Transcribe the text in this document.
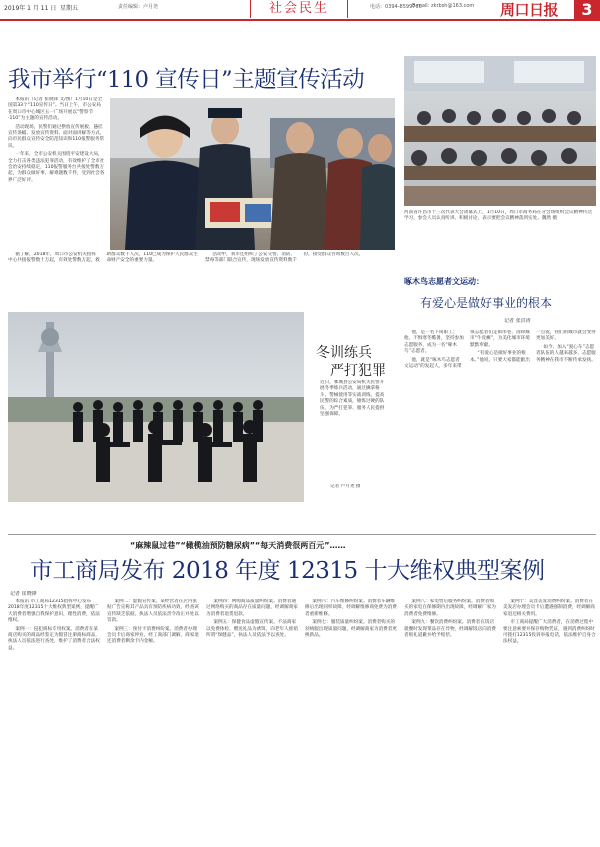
2019年 1 月 11 日 星期五	责任编辑：卢月尧	社会民生	电话：0394-8599766
E-mail: zkrbsh@163.com 周口日报	3
我市举行“110 宣传日”主题宣传活动

本报讯（记者 崔晓锋 文/图）1月10日是全国第33个“110宣传日”。当日上午，市公安局在周口市中心城区五一广场开展以“警察节·110”为主题的宣传活动。

活动现场，民警们通过摆放宣传展板、悬挂宣传条幅、发放宣传资料、面对面讲解等方式，向市民群众宣传安全防范知识和110报警服务常识。

一年来，全市公安机关围绕平安建设大局，全力打击各类违法犯罪活动，有效维护了全市社会治安持续稳定，110报警服务台共接处警数万起，为群众做好事、解难题数千件，受到社会各界广泛好评。

据了解，2018年，周口市公安机关指挥中心共接报警数十万起，有效处警数万起，救助群众数千人次，110已成为保护人民群众生命财产安全的重要力量。

活动中，我市还组织了公安交警、消防、禁毒等部门联合宣传，现场发放宣传资料数千份，接受群众咨询数百人次。

河南省许昌市十三次代表大会闭幕式上，1月10日，周口市商务局在分会场组织会议精神传达学习，参会人员认真听讲、积极讨论，表示要把会议精神落到实处。魏然 摄
冬训练兵
严打犯罪
近日，郸城县公安局机关民警开展冬季练兵活动，通过擒拿格斗、警械使用等实战训练，提高民警的综合素质，锤炼过硬的队伍，为严打犯罪、服务人民提供坚强保障。
记者 卢月尧 摄
啄木鸟志愿者文运动：
有爱心是做好事业的根本
记者 张洪涛

他，是一名下岗职工；他，不惧寒冬酷暑，坚持参加志愿服务，成为一名“啄木鸟”志愿者。

他，就是“啄木鸟志愿者文运动”的发起人，多年来带领志愿者们走街串巷，清除城市“牛皮癣”，为美化城市环境默默奉献。

“有爱心是做好事业的根本。”他说，只要大家都能献出一点爱，我们的城市就会变得更加美好。

如今，加入“爱心车”志愿者队伍的人越来越多，志愿服务精神在我市不断传承发扬。

“麻辣鼠过巷”“橄榄油预防糖尿病”“每天消费很两百元”……
市工商局发布 2018 年度 12315 十大维权典型案例
记者 崔晓锋

本报讯 市工商局12315指挥中心发布2018年度12315十大维权典型案例，提醒广大消费者增强自我保护意识，理性消费，依法维权。

案例一：侵犯商标专用权案。消费者在某商店购买的商品经鉴定为假冒注册商标商品，执法人员依法进行查处，维护了消费者合法权益。

案例二：虚假宣传案。某经营者在店内张贴广告宣称其产品具有预防疾病功效，经查该宣传缺乏依据，执法人员依法责令改正并处以罚款。

案例三：预付卡消费纠纷案。消费者办理会员卡后商家停业，经工商部门调解，商家退还消费者剩余卡内金额。

案例四：网购商品质量纠纷案。消费者通过网络购买的商品存在质量问题，经调解商家为消费者退货退款。

案例五：保健食品虚假宣传案。不法商家以免费体检、赠送礼品为诱饵，向老年人推销所谓“保健品”，执法人员依法予以查处。

案例六：汽车维修纠纷案。消费者车辆维修后出现同样故障，经调解维修商免费为消费者重新维修。

案例七：服装质量纠纷案。消费者购买的羽绒服出现质量问题，经调解商家为消费者更换新品。

案例八：家电售后服务纠纷案。消费者购买的家电在保修期内出现故障，经调解厂家为消费者免费维修。

案例九：餐饮消费纠纷案。消费者在饭店就餐时发现菜品存在异物，经调解饭店向消费者赔礼道歉并给予赔偿。

案例十：美容美发消费纠纷案。消费者在美发店办理会员卡后遭遇强制消费，经调解商家退还相关费用。

市工商局提醒广大消费者，在消费过程中要注意索要并保存购物凭证，遇到消费纠纷时可拨打12315投诉举报电话，依法维护自身合法权益。
